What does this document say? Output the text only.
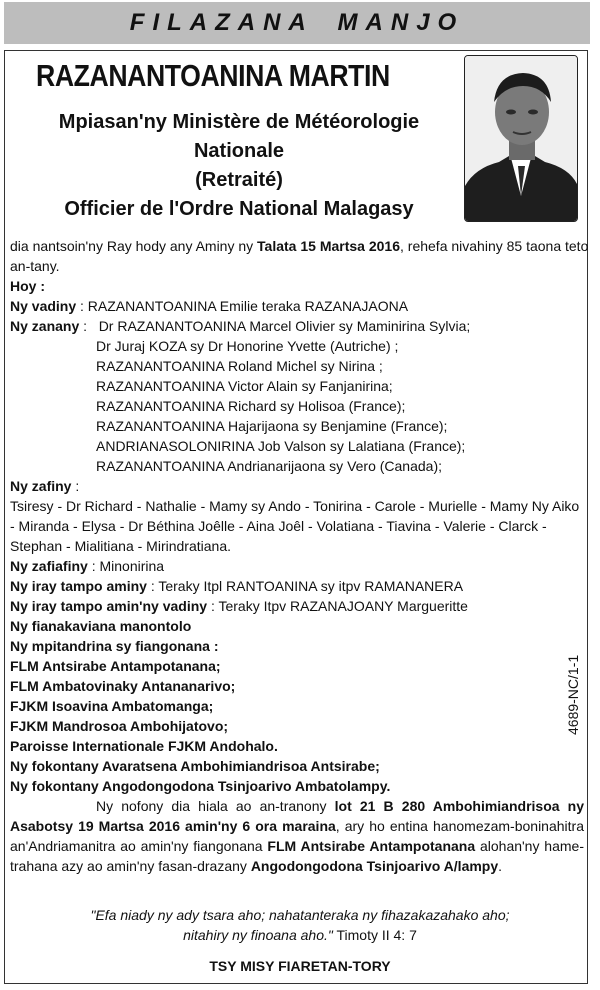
FILAZANA MANJO
RAZANANTOANINA MARTIN
Mpiasan'ny Ministère de Météorologie
Nationale
(Retraité)
Officier de l'Ordre National Malagasy
dia nantsoin'ny Ray hody any Aminy ny Talata 15 Martsa 2016, rehefa nivahiny 85 taona teto
an-tany.
Hoy :
Ny vadiny : RAZANANTOANINA Emilie teraka RAZANAJAONA
Ny zanany :   Dr RAZANANTOANINA Marcel Olivier sy Maminirina Sylvia;
Dr Juraj KOZA sy Dr Honorine Yvette (Autriche) ;
RAZANANTOANINA Roland Michel sy Nirina ;
RAZANANTOANINA Victor Alain sy Fanjanirina;
RAZANANTOANINA Richard sy Holisoa (France);
RAZANANTOANINA Hajarijaona sy Benjamine (France);
ANDRIANASOLONIRINA Job Valson sy Lalatiana (France);
RAZANANTOANINA Andrianarijaona sy Vero (Canada);
Ny zafiny :
Tsiresy - Dr Richard - Nathalie - Mamy sy Ando - Tonirina - Carole - Murielle - Mamy Ny Aiko
- Miranda - Elysa - Dr Béthina Joêlle - Aina Joêl - Volatiana - Tiavina - Valerie - Clarck -
Stephan - Mialitiana - Mirindratiana.
Ny zafiafiny : Minonirina
Ny iray tampo aminy : Teraky Itpl RANTOANINA sy itpv RAMANANERA
Ny iray tampo amin'ny vadiny : Teraky Itpv RAZANAJOANY Margueritte
Ny fianakaviana manontolo
Ny mpitandrina sy fiangonana :
FLM Antsirabe Antampotanana;
FLM Ambatovinaky Antananarivo;
FJKM Isoavina Ambatomanga;
FJKM Mandrosoa Ambohijatovo;
Paroisse Internationale FJKM Andohalo.
Ny fokontany Avaratsena Ambohimiandrisoa Antsirabe;
Ny fokontany Angodongodona Tsinjoarivo Ambatolampy.
Ny nofony dia hiala ao an-tranony lot 21 B 280 Ambohimiandrisoa ny Asabotsy 19 Martsa 2016 amin'ny 6 ora maraina, ary ho entina hanomezam-boninahitra an'Andriamanitra ao amin'ny fiangonana FLM Antsirabe Antampotanana alohan'ny hame-trahana azy ao amin'ny fasan-drazany Angodongodona Tsinjoarivo A/lampy.
4689-NC/1-1
"Efa niady ny ady tsara aho; nahatanteraka ny fihazakazahako aho;
nitahiry ny finoana aho." Timoty II 4: 7
TSY MISY FIARETAN-TORY
